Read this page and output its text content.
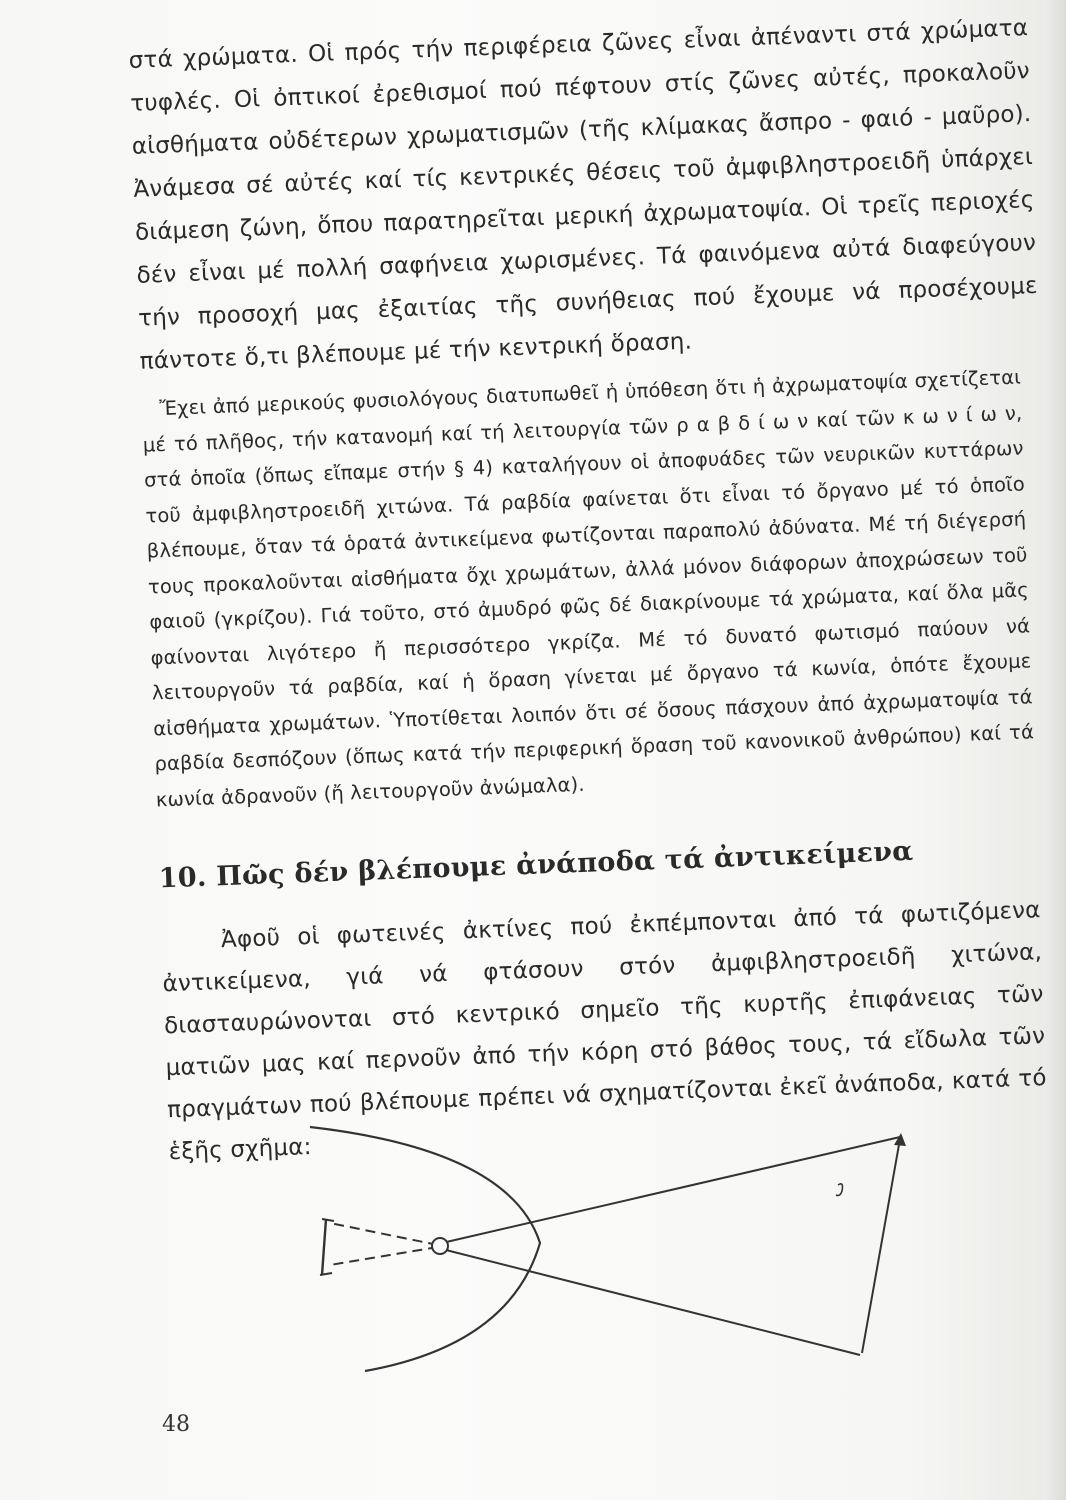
στά χρώματα. Οἱ πρός τήν περιφέρεια ζῶνες εἶναι ἀπέναντι στά χρώματα τυφλές. Οἱ ὀπτικοί ἐρεθισμοί πού πέφτουν στίς ζῶνες αὐτές, προκαλοῦν αἰσθήματα οὐδέτερων χρωματισμῶν (τῆς κλίμακας ἄσπρο - φαιό - μαῦρο). Ἀνάμεσα σέ αὐτές καί τίς κεντρικές θέσεις τοῦ ἀμφιβληστροειδῆ ὑπάρχει διάμεση ζώνη, ὅπου παρατηρεῖται μερική ἀχρωματοψία. Οἱ τρεῖς περιοχές δέν εἶναι μέ πολλή σαφήνεια χωρισμένες. Τά φαινόμενα αὐτά διαφεύγουν τήν προσοχή μας ἐξαιτίας τῆς συνήθειας πού ἔχουμε νά προσέχουμε πάντοτε ὅ,τι βλέπουμε μέ τήν κεντρική ὅραση.

Ἔχει ἀπό μερικούς φυσιολόγους διατυπωθεῖ ἡ ὑπόθεση ὅτι ἡ ἀχρωματοψία σχετίζεται μέ τό πλῆθος, τήν κατανομή καί τή λειτουργία τῶν ρ α β δ ί ω ν καί τῶν κ ω ν ί ω ν, στά ὁποῖα (ὅπως εἴπαμε στήν § 4) καταλήγουν οἱ ἀποφυάδες τῶν νευρικῶν κυττάρων τοῦ ἀμφιβληστροειδῆ χιτώνα. Τά ραβδία φαίνεται ὅτι εἶναι τό ὄργανο μέ τό ὁποῖο βλέπουμε, ὅταν τά ὁρατά ἀντικείμενα φωτίζονται παραπολύ ἀδύνατα. Μέ τή διέγερσή τους προκαλοῦνται αἰσθήματα ὄχι χρωμάτων, ἀλλά μόνον διάφορων ἀποχρώσεων τοῦ φαιοῦ (γκρίζου). Γιά τοῦτο, στό ἀμυδρό φῶς δέ διακρίνουμε τά χρώματα, καί ὅλα μᾶς φαίνονται λιγότερο ἤ περισσότερο γκρίζα. Μέ τό δυνατό φωτισμό παύουν νά λειτουργοῦν τά ραβδία, καί ἡ ὅραση γίνεται μέ ὄργανο τά κωνία, ὁπότε ἔχουμε αἰσθήματα χρωμάτων. Ὑποτίθεται λοιπόν ὅτι σέ ὅσους πάσχουν ἀπό ἀχρωματοψία τά ραβδία δεσπόζουν (ὅπως κατά τήν περιφερική ὅραση τοῦ κανονικοῦ ἀνθρώπου) καί τά κωνία ἀδρανοῦν (ἤ λειτουργοῦν ἀνώμαλα).

10. Πῶς δέν βλέπουμε ἀνάποδα τά ἀντικείμενα

Ἀφοῦ οἱ φωτεινές ἀκτίνες πού ἐκπέμπονται ἀπό τά φωτιζόμενα ἀντικείμενα, γιά νά φτάσουν στόν ἀμφιβληστροειδῆ χιτώνα, διασταυρώνονται στό κεντρικό σημεῖο τῆς κυρτῆς ἐπιφάνειας τῶν ματιῶν μας καί περνοῦν ἀπό τήν κόρη στό βάθος τους, τά εἴδωλα τῶν πραγμάτων πού βλέπουμε πρέπει νά σχηματίζονται ἐκεῖ ἀνάποδα, κατά τό ἑξῆς σχῆμα:

48
